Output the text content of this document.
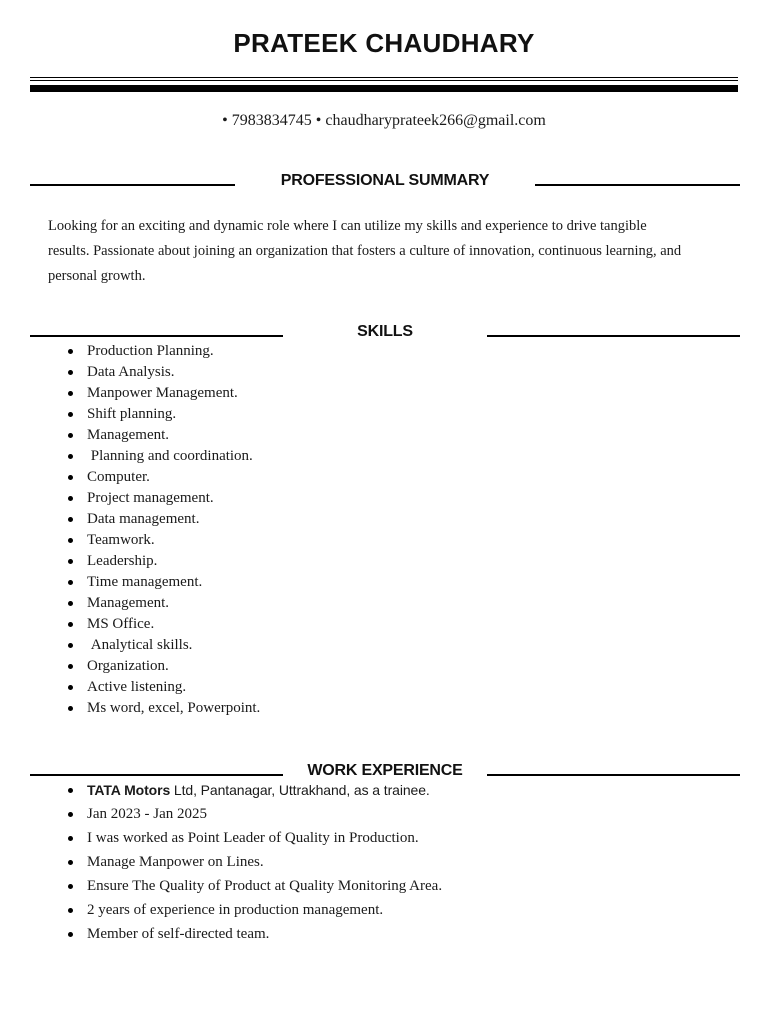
PRATEEK CHAUDHARY
• 7983834745 • chaudharyprateek266@gmail.com
PROFESSIONAL SUMMARY
Looking for an exciting and dynamic role where I can utilize my skills and experience to drive tangible
results. Passionate about joining an organization that fosters a culture of innovation, continuous learning, and
personal growth.
SKILLS
Production Planning.
Data Analysis.
Manpower Management.
Shift planning.
Management.
Planning and coordination.
Computer.
Project management.
Data management.
Teamwork.
Leadership.
Time management.
Management.
MS Office.
Analytical skills.
Organization.
Active listening.
Ms word, excel, Powerpoint.
WORK EXPERIENCE
TATA Motors Ltd, Pantanagar, Uttrakhand, as a trainee.
Jan 2023 - Jan 2025
I was worked as Point Leader of Quality in Production.
Manage Manpower on Lines.
Ensure The Quality of Product at Quality Monitoring Area.
2 years of experience in production management.
Member of self-directed team.
